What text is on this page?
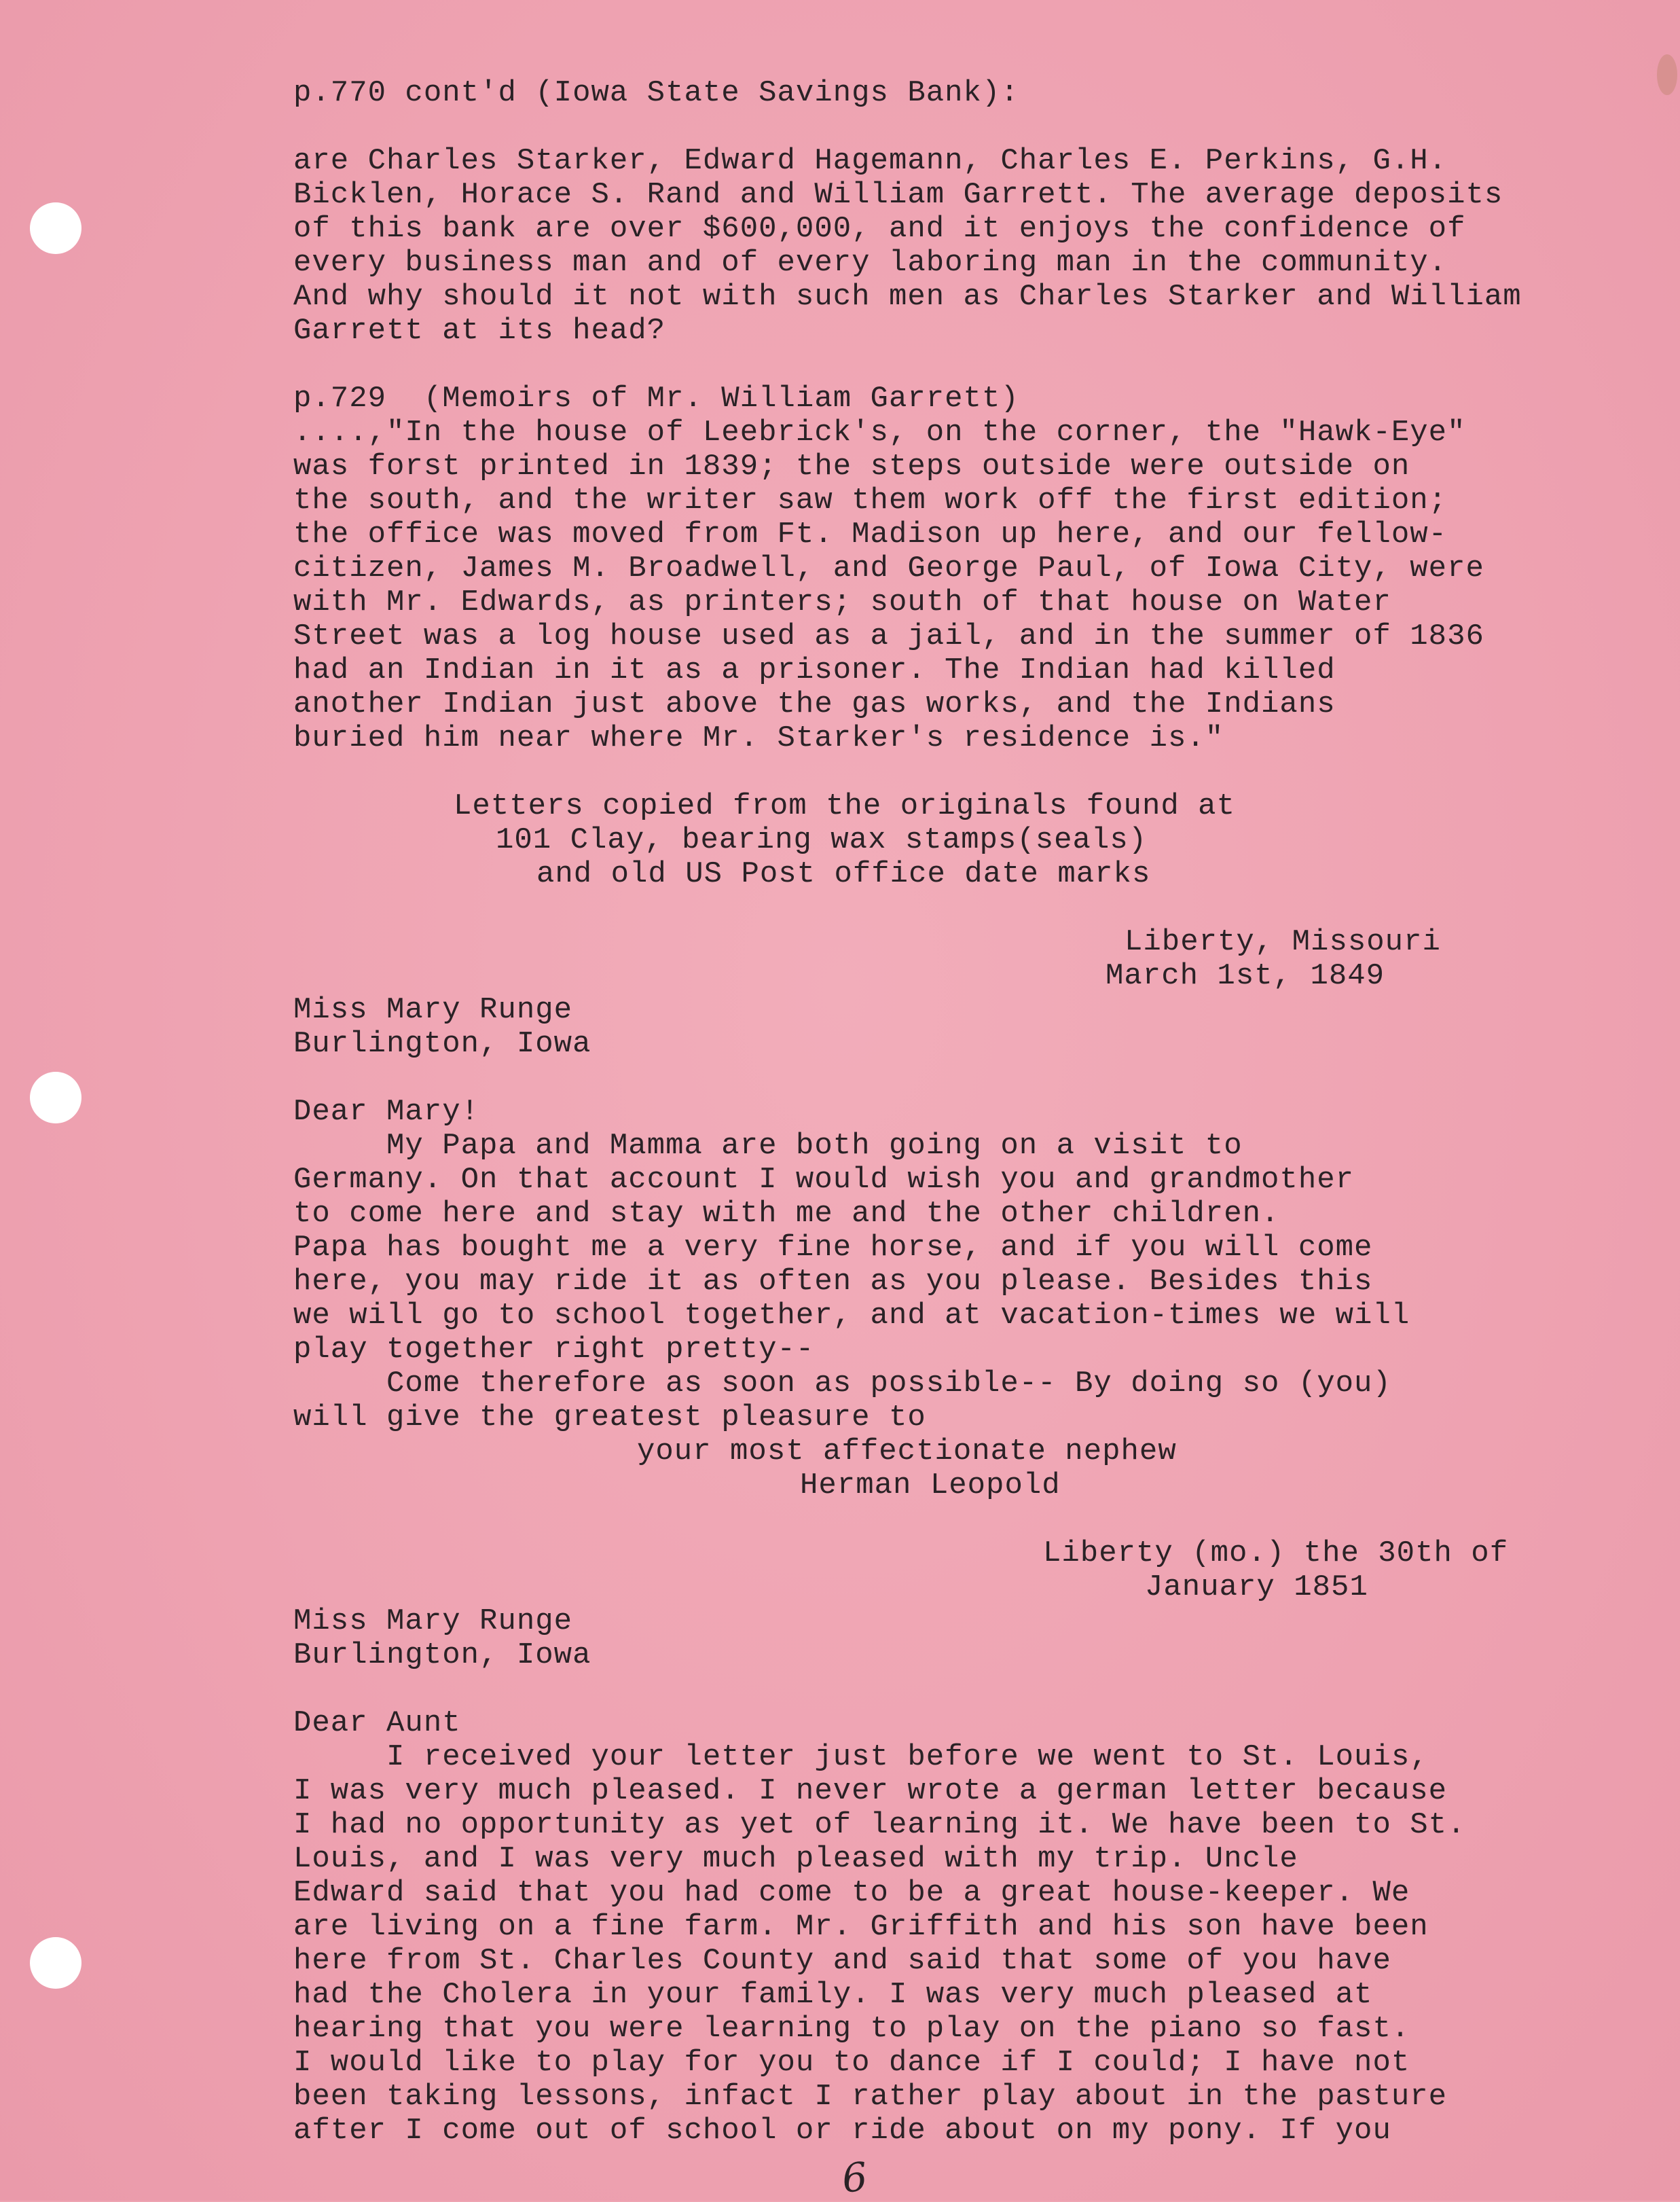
p.770 cont'd (Iowa State Savings Bank):

are Charles Starker, Edward Hagemann, Charles E. Perkins, G.H.

Bicklen, Horace S. Rand and William Garrett. The average deposits

of this bank are over $600,000, and it enjoys the confidence of

every business man and of every laboring man in the community.

And why should it not with such men as Charles Starker and William

Garrett at its head?

p.729  (Memoirs of Mr. William Garrett)

....,"In the house of Leebrick's, on the corner, the "Hawk-Eye"

was forst printed in 1839; the steps outside were outside on

the south, and the writer saw them work off the first edition;

the office was moved from Ft. Madison up here, and our fellow-

citizen, James M. Broadwell, and George Paul, of Iowa City, were

with Mr. Edwards, as printers; south of that house on Water

Street was a log house used as a jail, and in the summer of 1836

had an Indian in it as a prisoner. The Indian had killed

another Indian just above the gas works, and the Indians

buried him near where Mr. Starker's residence is."

Letters copied from the originals found at

101 Clay, bearing wax stamps(seals)

and old US Post office date marks

Liberty, Missouri

March 1st, 1849

Miss Mary Runge

Burlington, Iowa

Dear Mary!

My Papa and Mamma are both going on a visit to

Germany. On that account I would wish you and grandmother

to come here and stay with me and the other children.

Papa has bought me a very fine horse, and if you will come

here, you may ride it as often as you please. Besides this

we will go to school together, and at vacation-times we will

play together right pretty--

Come therefore as soon as possible-- By doing so (you)

will give the greatest pleasure to

your most affectionate nephew

Herman Leopold

Liberty (mo.) the 30th of

January 1851

Miss Mary Runge

Burlington, Iowa

Dear Aunt

I received your letter just before we went to St. Louis,

I was very much pleased. I never wrote a german letter because

I had no opportunity as yet of learning it. We have been to St.

Louis, and I was very much pleased with my trip. Uncle

Edward said that you had come to be a great house-keeper. We

are living on a fine farm. Mr. Griffith and his son have been

here from St. Charles County and said that some of you have

had the Cholera in your family. I was very much pleased at

hearing that you were learning to play on the piano so fast.

I would like to play for you to dance if I could; I have not

been taking lessons, infact I rather play about in the pasture

after I come out of school or ride about on my pony. If you

6
